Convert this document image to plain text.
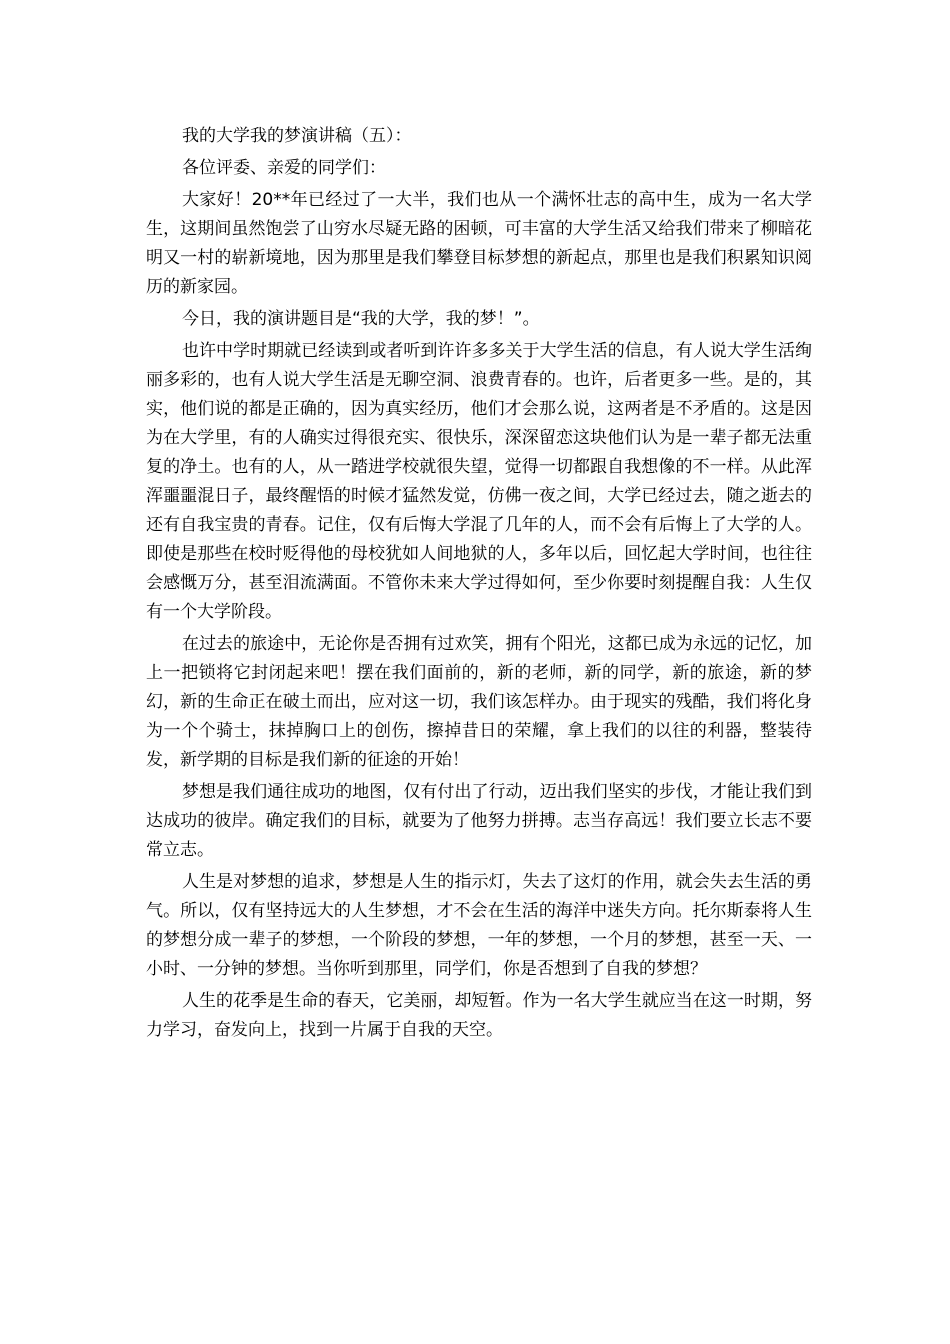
我的大学我的梦演讲稿（五）：

各位评委、亲爱的同学们：

大家好！20**年已经过了一大半，我们也从一个满怀壮志的高中生，成为一名大学生，这期间虽然饱尝了山穷水尽疑无路的困顿，可丰富的大学生活又给我们带来了柳暗花明又一村的崭新境地，因为那里是我们攀登目标梦想的新起点，那里也是我们积累知识阅历的新家园。

今日，我的演讲题目是“我的大学，我的梦！”。

也许中学时期就已经读到或者听到许许多多关于大学生活的信息，有人说大学生活绚丽多彩的，也有人说大学生活是无聊空洞、浪费青春的。也许，后者更多一些。是的，其实，他们说的都是正确的，因为真实经历，他们才会那么说，这两者是不矛盾的。这是因为在大学里，有的人确实过得很充实、很快乐，深深留恋这块他们认为是一辈子都无法重复的净土。也有的人，从一踏进学校就很失望，觉得一切都跟自我想像的不一样。从此浑浑噩噩混日子，最终醒悟的时候才猛然发觉，仿佛一夜之间，大学已经过去，随之逝去的还有自我宝贵的青春。记住，仅有后悔大学混了几年的人，而不会有后悔上了大学的人。即使是那些在校时贬得他的母校犹如人间地狱的人，多年以后，回忆起大学时间，也往往会感慨万分，甚至泪流满面。不管你未来大学过得如何，至少你要时刻提醒自我：人生仅有一个大学阶段。

在过去的旅途中，无论你是否拥有过欢笑，拥有个阳光，这都已成为永远的记忆，加上一把锁将它封闭起来吧！摆在我们面前的，新的老师，新的同学，新的旅途，新的梦幻，新的生命正在破土而出，应对这一切，我们该怎样办。由于现实的残酷，我们将化身为一个个骑士，抹掉胸口上的创伤，擦掉昔日的荣耀，拿上我们的以往的利器，整装待发，新学期的目标是我们新的征途的开始！

梦想是我们通往成功的地图，仅有付出了行动，迈出我们坚实的步伐，才能让我们到达成功的彼岸。确定我们的目标，就要为了他努力拼搏。志当存高远！我们要立长志不要常立志。

人生是对梦想的追求，梦想是人生的指示灯，失去了这灯的作用，就会失去生活的勇气。所以，仅有坚持远大的人生梦想，才不会在生活的海洋中迷失方向。托尔斯泰将人生的梦想分成一辈子的梦想，一个阶段的梦想，一年的梦想，一个月的梦想，甚至一天、一小时、一分钟的梦想。当你听到那里，同学们，你是否想到了自我的梦想？

人生的花季是生命的春天，它美丽，却短暂。作为一名大学生就应当在这一时期，努力学习，奋发向上，找到一片属于自我的天空。
